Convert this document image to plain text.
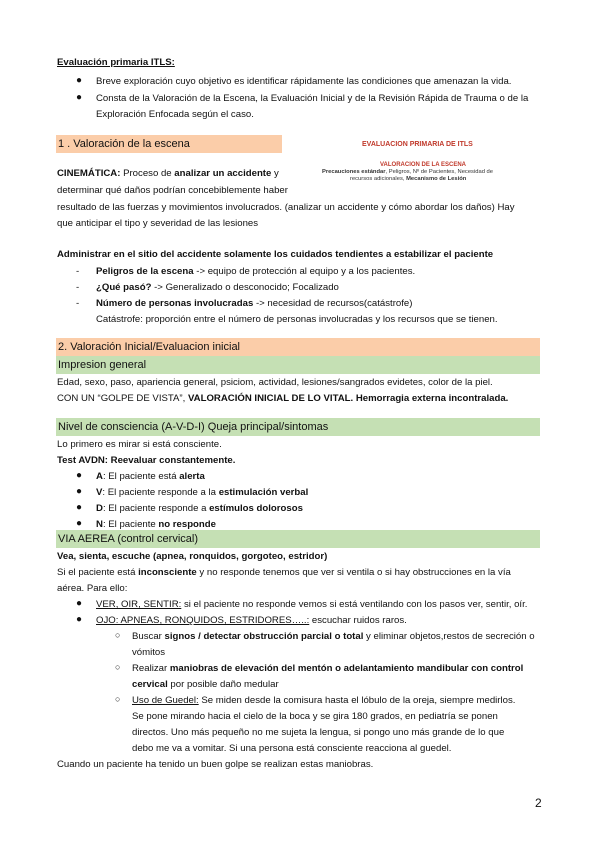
Evaluación primaria ITLS:
● Breve exploración cuyo objetivo es identificar rápidamente las condiciones que amenazan la vida.
● Consta de la Valoración de la Escena, la Evaluación Inicial y de la Revisión Rápida de Trauma o de la
Exploración Enfocada según el caso.
1 . Valoración de la escena	EVALUACION PRIMARIA DE ITLS
VALORACION DE LA ESCENA
Precauciones estándar, Peligros, Nº de Pacientes, Necesidad de
recursos adicionales, Mecanismo de Lesión
CINEMÁTICA: Proceso de analizar un accidente y
determinar qué daños podrían concebiblemente haber
resultado de las fuerzas y movimientos involucrados. (analizar un accidente y cómo abordar los daños) Hay
que anticipar el tipo y severidad de las lesiones
Administrar en el sitio del accidente solamente los cuidados tendientes a estabilizar el paciente
- Peligros de la escena -> equipo de protección al equipo y a los pacientes.
- ¿Qué pasó? -> Generalizado o desconocido; Focalizado
- Número de personas involucradas -> necesidad de recursos(catástrofe)
Catástrofe: proporción entre el número de personas involucradas y los recursos que se tienen.
2. Valoración Inicial/Evaluacion inicial
Impresion general
Edad, sexo, paso, apariencia general, psiciom, actividad, lesiones/sangrados evidetes, color de la piel.
CON UN “GOLPE DE VISTA”, VALORACIÓN INICIAL DE LO VITAL. Hemorragia externa incontralada.
Nivel de consciencia (A-V-D-I) Queja principal/sintomas
Lo primero es mirar si está consciente.
Test AVDN: Reevaluar constantemente.
● A: El paciente está alerta
● V: El paciente responde a la estimulación verbal
● D: El paciente responde a estímulos dolorosos
● N: El paciente no responde
VIA AEREA (control cervical)
Vea, sienta, escuche (apnea, ronquidos, gorgoteo, estridor)
Si el paciente está inconsciente y no responde tenemos que ver si ventila o si hay obstrucciones en la vía
aérea. Para ello:
● VER, OIR, SENTIR: si el paciente no responde vemos si está ventilando con los pasos ver, sentir, oír.
● OJO: APNEAS, RONQUIDOS, ESTRIDORES…..: escuchar ruidos raros.
○ Buscar signos / detectar obstrucción parcial o total y eliminar objetos,restos de secreción o
vómitos
○ Realizar maniobras de elevación del mentón o adelantamiento mandibular con control
cervical por posible daño medular
○ Uso de Guedel: Se miden desde la comisura hasta el lóbulo de la oreja, siempre medirlos.
Se pone mirando hacia el cielo de la boca y se gira 180 grados, en pediatría se ponen
directos. Uno más pequeño no me sujeta la lengua, si pongo uno más grande de lo que
debo me va a vomitar. Si una persona está consciente reacciona al guedel.
Cuando un paciente ha tenido un buen golpe se realizan estas maniobras.
2
